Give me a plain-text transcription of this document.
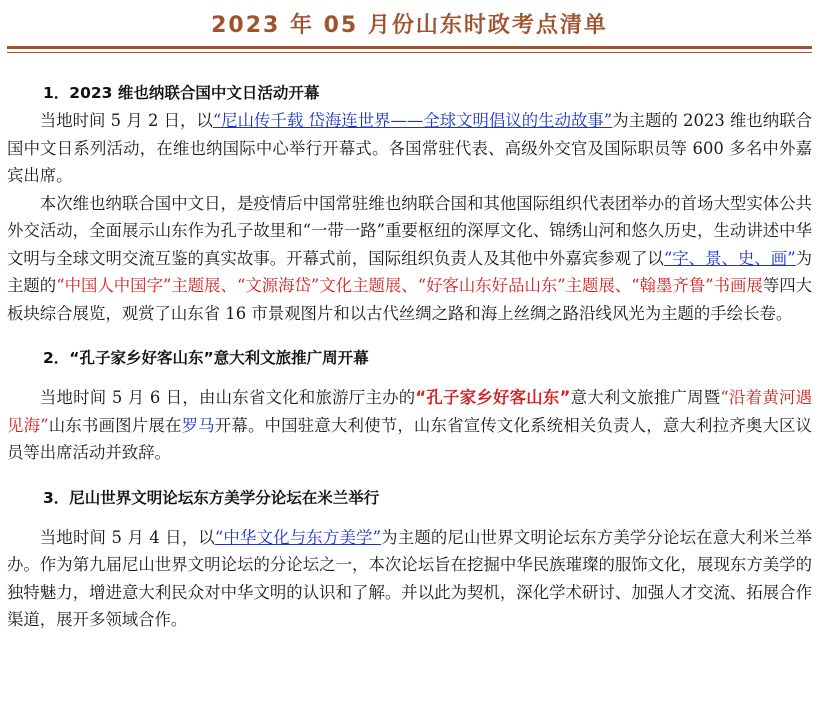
2023 年 05 月份山东时政考点清单
1．2023 维也纳联合国中文日活动开幕

当地时间 5 月 2 日，以“尼山传千载 岱海连世界——全球文明倡议的生动故事”为主题的 2023 维也纳联合国中文日系列活动，在维也纳国际中心举行开幕式。各国常驻代表、高级外交官及国际职员等 600 多名中外嘉宾出席。

本次维也纳联合国中文日，是疫情后中国常驻维也纳联合国和其他国际组织代表团举办的首场大型实体公共外交活动，全面展示山东作为孔子故里和“一带一路”重要枢纽的深厚文化、锦绣山河和悠久历史，生动讲述中华文明与全球文明交流互鉴的真实故事。开幕式前，国际组织负责人及其他中外嘉宾参观了以“字、景、史、画”为主题的“中国人中国字”主题展、“文源海岱”文化主题展、“好客山东好品山东”主题展、“翰墨齐鲁”书画展等四大板块综合展览，观赏了山东省 16 市景观图片和以古代丝绸之路和海上丝绸之路沿线风光为主题的手绘长卷。

2．“孔子家乡好客山东”意大利文旅推广周开幕

当地时间 5 月 6 日，由山东省文化和旅游厅主办的“孔子家乡好客山东”意大利文旅推广周暨“沿着黄河遇见海”山东书画图片展在罗马开幕。中国驻意大利使节，山东省宣传文化系统相关负责人，意大利拉齐奥大区议员等出席活动并致辞。

3．尼山世界文明论坛东方美学分论坛在米兰举行

当地时间 5 月 4 日，以“中华文化与东方美学”为主题的尼山世界文明论坛东方美学分论坛在意大利米兰举办。作为第九届尼山世界文明论坛的分论坛之一，本次论坛旨在挖掘中华民族璀璨的服饰文化，展现东方美学的独特魅力，增进意大利民众对中华文明的认识和了解。并以此为契机，深化学术研讨、加强人才交流、拓展合作渠道，展开多领域合作。
